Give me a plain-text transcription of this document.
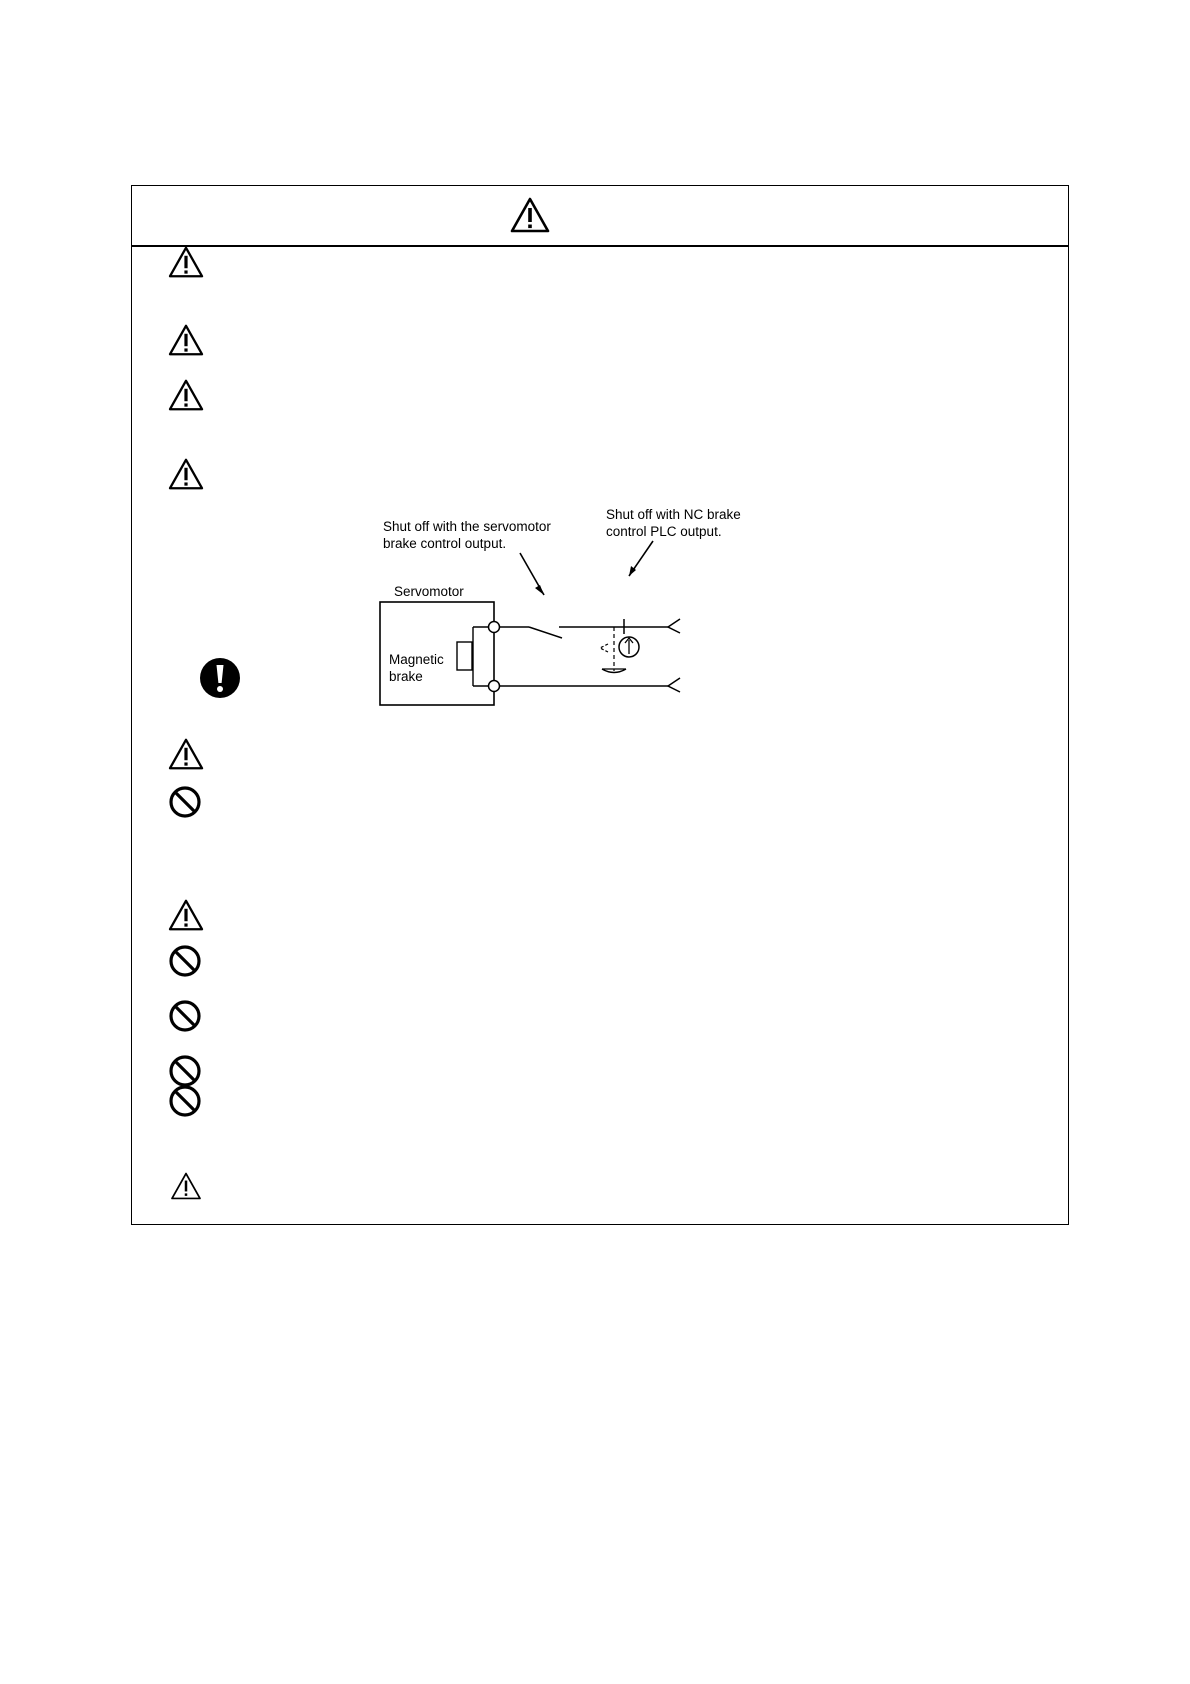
Shut off with the servomotor
brake control output.
Shut off with NC brake
control PLC output.
Servomotor
Magnetic
brake
